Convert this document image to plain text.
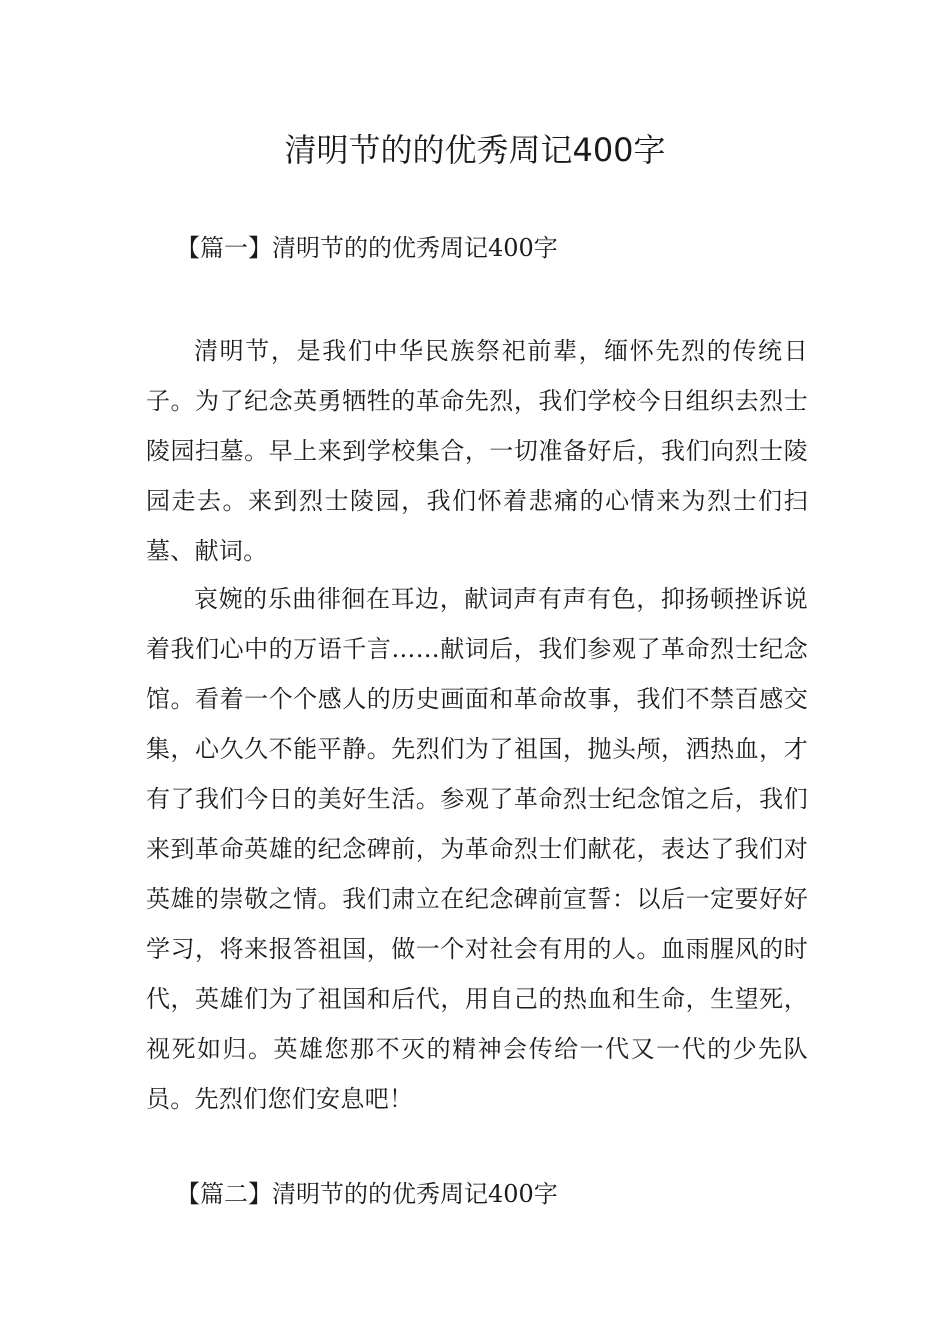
清明节的的优秀周记400字
【篇一】清明节的的优秀周记400字

清明节，是我们中华民族祭祀前辈，缅怀先烈的传统日子。为了纪念英勇牺牲的革命先烈，我们学校今日组织去烈士陵园扫墓。早上来到学校集合，一切准备好后，我们向烈士陵园走去。来到烈士陵园，我们怀着悲痛的心情来为烈士们扫墓、献词。

哀婉的乐曲徘徊在耳边，献词声有声有色，抑扬顿挫诉说着我们心中的万语千言……献词后，我们参观了革命烈士纪念馆。看着一个个感人的历史画面和革命故事，我们不禁百感交集，心久久不能平静。先烈们为了祖国，抛头颅，洒热血，才有了我们今日的美好生活。参观了革命烈士纪念馆之后，我们来到革命英雄的纪念碑前，为革命烈士们献花，表达了我们对英雄的崇敬之情。我们肃立在纪念碑前宣誓：以后一定要好好学习，将来报答祖国，做一个对社会有用的人。血雨腥风的时代，英雄们为了祖国和后代，用自己的热血和生命，生望死，视死如归。英雄您那不灭的精神会传给一代又一代的少先队员。先烈们您们安息吧！

【篇二】清明节的的优秀周记400字
